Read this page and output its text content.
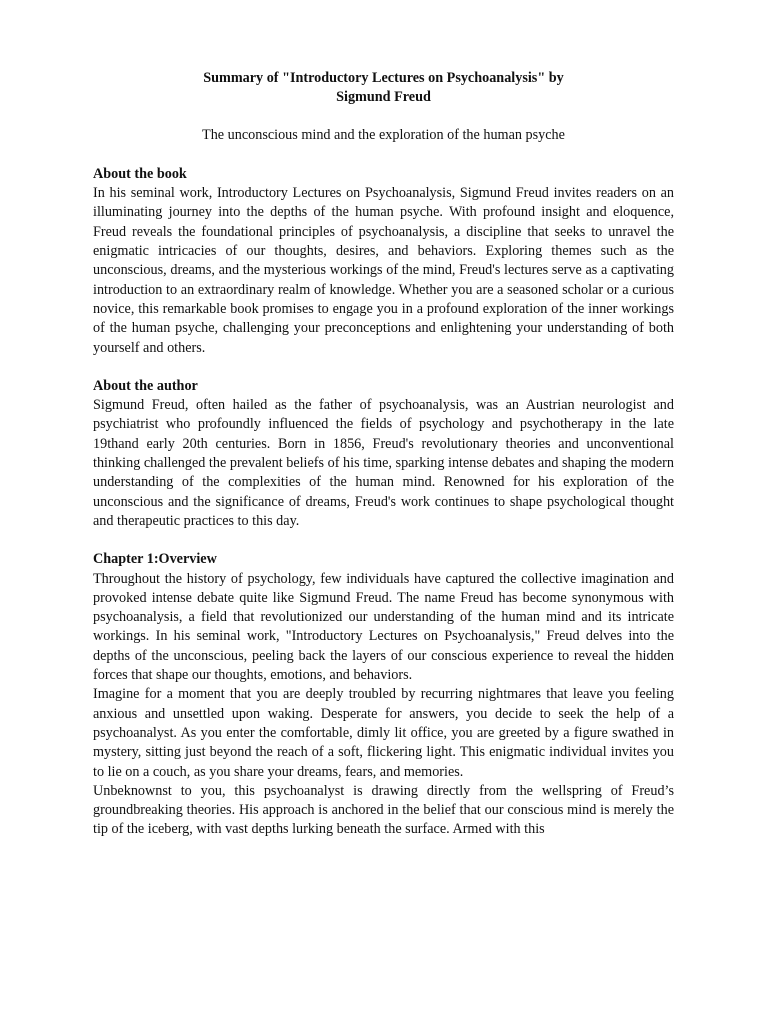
Summary of "Introductory Lectures on Psychoanalysis" by
Sigmund Freud

The unconscious mind and the exploration of the human psyche

About the book

In his seminal work, Introductory Lectures on Psychoanalysis, Sigmund Freud invites readers on an illuminating journey into the depths of the human psyche. With profound insight and eloquence, Freud reveals the foundational principles of psychoanalysis, a discipline that seeks to unravel the enigmatic intricacies of our thoughts, desires, and behaviors. Exploring themes such as the unconscious, dreams, and the mysterious workings of the mind, Freud's lectures serve as a captivating introduction to an extraordinary realm of knowledge. Whether you are a seasoned scholar or a curious novice, this remarkable book promises to engage you in a profound exploration of the inner workings of the human psyche, challenging your preconceptions and enlightening your understanding of both yourself and others.

About the author

Sigmund Freud, often hailed as the father of psychoanalysis, was an Austrian neurologist and psychiatrist who profoundly influenced the fields of psychology and psychotherapy in the late 19thand early 20th centuries. Born in 1856, Freud's revolutionary theories and unconventional thinking challenged the prevalent beliefs of his time, sparking intense debates and shaping the modern understanding of the complexities of the human mind. Renowned for his exploration of the unconscious and the significance of dreams, Freud's work continues to shape psychological thought and therapeutic practices to this day.

Chapter 1:Overview

Throughout the history of psychology, few individuals have captured the collective imagination and provoked intense debate quite like Sigmund Freud. The name Freud has become synonymous with psychoanalysis, a field that revolutionized our understanding of the human mind and its intricate workings. In his seminal work, "Introductory Lectures on Psychoanalysis," Freud delves into the depths of the unconscious, peeling back the layers of our conscious experience to reveal the hidden forces that shape our thoughts, emotions, and behaviors.

Imagine for a moment that you are deeply troubled by recurring nightmares that leave you feeling anxious and unsettled upon waking. Desperate for answers, you decide to seek the help of a psychoanalyst. As you enter the comfortable, dimly lit office, you are greeted by a figure swathed in mystery, sitting just beyond the reach of a soft, flickering light. This enigmatic individual invites you to lie on a couch, as you share your dreams, fears, and memories.

Unbeknownst to you, this psychoanalyst is drawing directly from the wellspring of Freud’s groundbreaking theories. His approach is anchored in the belief that our conscious mind is merely the tip of the iceberg, with vast depths lurking beneath the surface. Armed with this
